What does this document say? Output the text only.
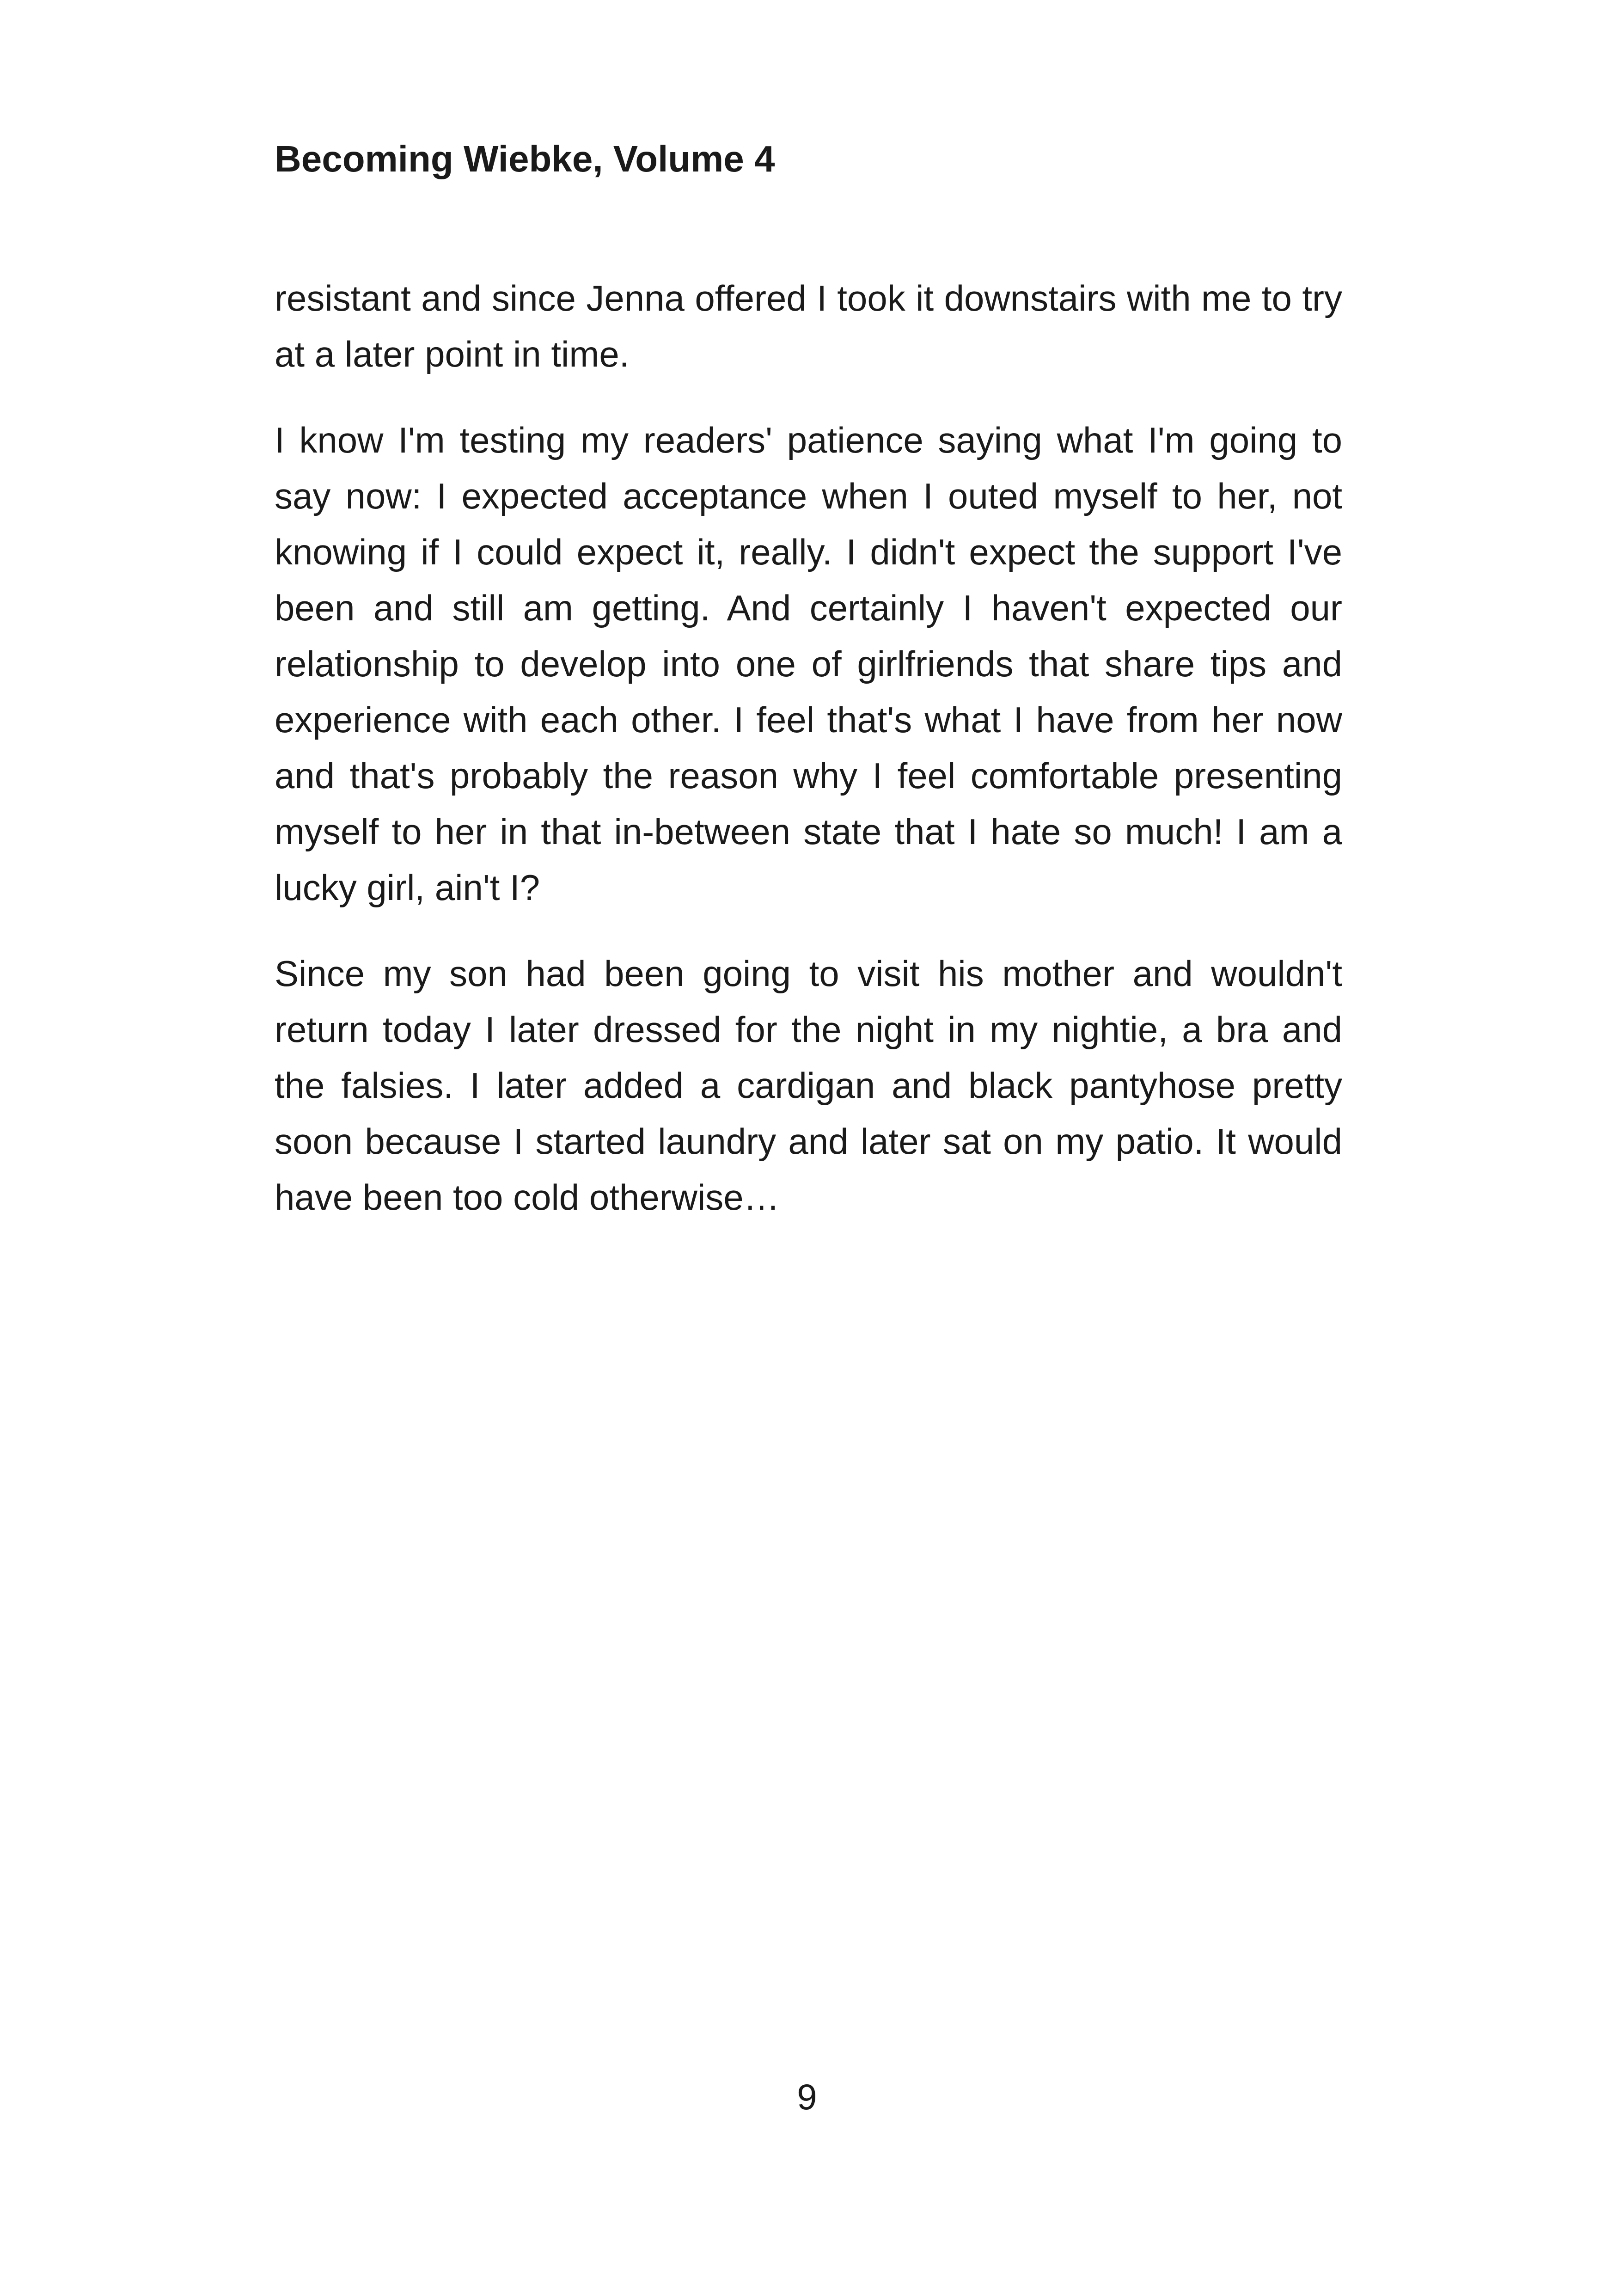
Becoming Wiebke, Volume 4

resistant and since Jenna offered I took it downstairs with me to try at a later point in time.

I know I'm testing my readers' patience saying what I'm going to say now: I expected acceptance when I outed myself to her, not knowing if I could expect it, really. I didn't expect the support I've been and still am getting. And certainly I haven't expected our relationship to develop into one of girlfriends that share tips and experience with each other. I feel that's what I have from her now and that's probably the reason why I feel comfortable presenting myself to her in that in-between state that I hate so much! I am a lucky girl, ain't I?

Since my son had been going to visit his mother and wouldn't return today I later dressed for the night in my nightie, a bra and the falsies. I later added a cardigan and black pantyhose pretty soon because I started laundry and later sat on my patio. It would have been too cold otherwise…

9
